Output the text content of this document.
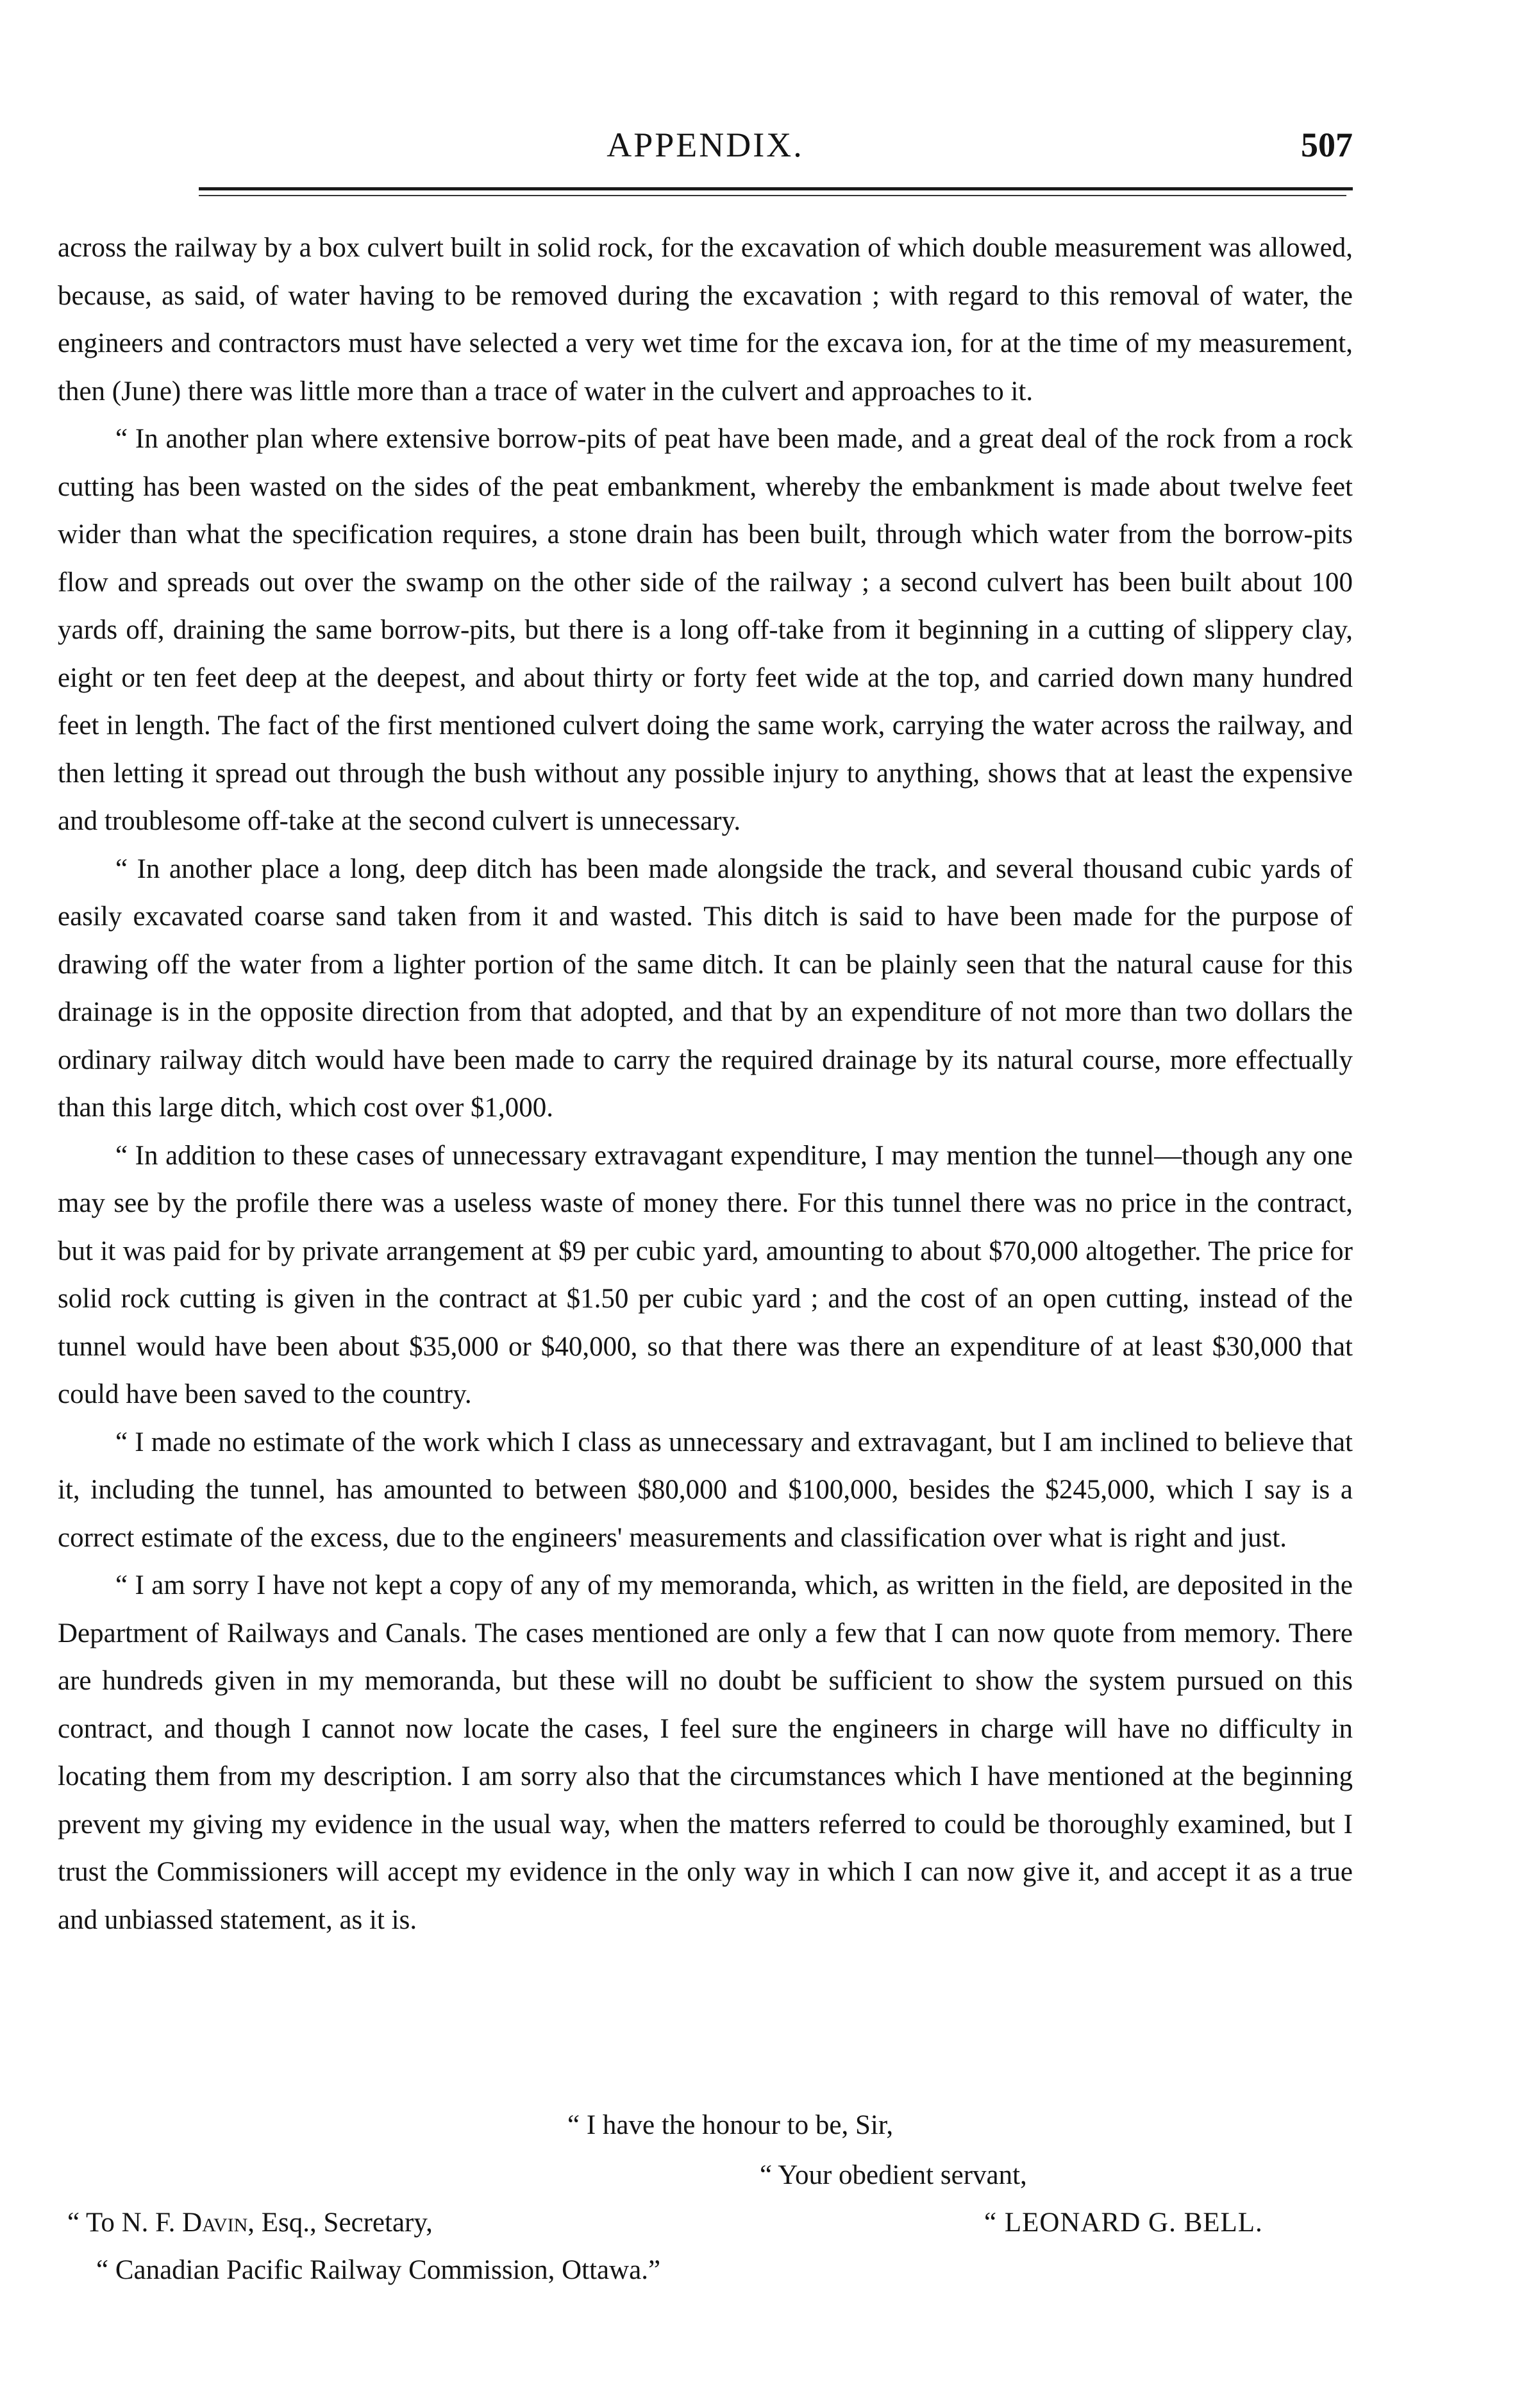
APPENDIX.	507

across the railway by a box culvert built in solid rock, for the excavation of which double measurement was allowed, because, as said, of water having to be removed during the excavation ; with regard to this removal of water, the engineers and contractors must have selected a very wet time for the excava ion, for at the time of my measurement, then (June) there was little more than a trace of water in the culvert and approaches to it.

“ In another plan where extensive borrow-pits of peat have been made, and a great deal of the rock from a rock cutting has been wasted on the sides of the peat embankment, whereby the embankment is made about twelve feet wider than what the specification requires, a stone drain has been built, through which water from the borrow-pits flow and spreads out over the swamp on the other side of the railway ; a second culvert has been built about 100 yards off, draining the same borrow-pits, but there is a long off-take from it beginning in a cutting of slippery clay, eight or ten feet deep at the deepest, and about thirty or forty feet wide at the top, and carried down many hundred feet in length. The fact of the first mentioned culvert doing the same work, carrying the water across the railway, and then letting it spread out through the bush without any possible injury to anything, shows that at least the expensive and troublesome off-take at the second culvert is unnecessary.

“ In another place a long, deep ditch has been made alongside the track, and several thousand cubic yards of easily excavated coarse sand taken from it and wasted. This ditch is said to have been made for the purpose of drawing off the water from a lighter portion of the same ditch. It can be plainly seen that the natural cause for this drainage is in the opposite direction from that adopted, and that by an expenditure of not more than two dollars the ordinary railway ditch would have been made to carry the required drainage by its natural course, more effectually than this large ditch, which cost over $1,000.

“ In addition to these cases of unnecessary extravagant expenditure, I may mention the tunnel—though any one may see by the profile there was a useless waste of money there. For this tunnel there was no price in the contract, but it was paid for by private arrangement at $9 per cubic yard, amounting to about $70,000 altogether. The price for solid rock cutting is given in the contract at $1.50 per cubic yard ; and the cost of an open cutting, instead of the tunnel would have been about $35,000 or $40,000, so that there was there an expenditure of at least $30,000 that could have been saved to the country.

“ I made no estimate of the work which I class as unnecessary and extravagant, but I am inclined to believe that it, including the tunnel, has amounted to between $80,000 and $100,000, besides the $245,000, which I say is a correct estimate of the excess, due to the engineers' measurements and classification over what is right and just.

“ I am sorry I have not kept a copy of any of my memoranda, which, as written in the field, are deposited in the Department of Railways and Canals. The cases mentioned are only a few that I can now quote from memory. There are hundreds given in my memoranda, but these will no doubt be sufficient to show the system pursued on this contract, and though I cannot now locate the cases, I feel sure the engineers in charge will have no difficulty in locating them from my description. I am sorry also that the circumstances which I have mentioned at the beginning prevent my giving my evidence in the usual way, when the matters referred to could be thoroughly examined, but I trust the Commissioners will accept my evidence in the only way in which I can now give it, and accept it as a true and unbiassed statement, as it is.

“ I have the honour to be, Sir,
“ Your obedient servant,
“ To N. F. Davin, Esq., Secretary,
“ Canadian Pacific Railway Commission, Ottawa.”
“ LEONARD G. BELL.
